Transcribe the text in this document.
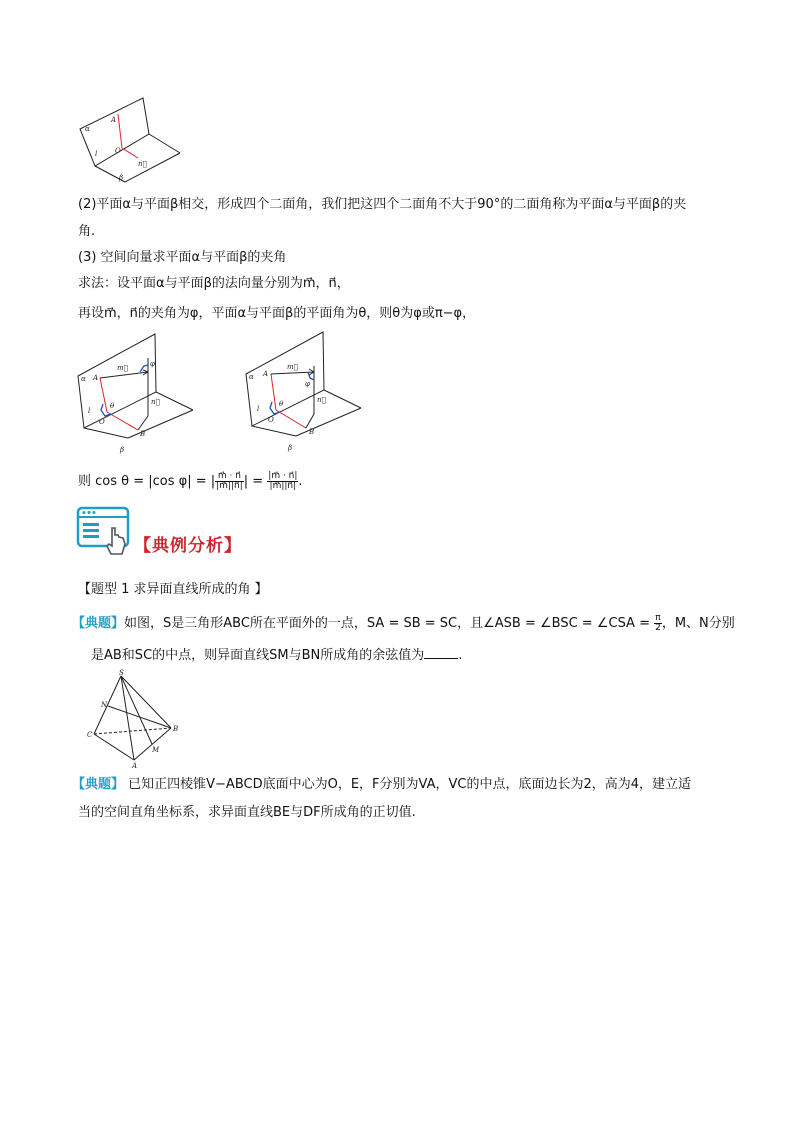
α
A
l	O
n⃗
β
(2)平面α与平面β相交，形成四个二面角，我们把这四个二面角不大于90°的二面角称为平面α与平面β的夹
角.
(3) 空间向量求平面α与平面β的夹角
求法：设平面α与平面β的法向量分别为m⃗，n⃗，
再设m⃗，n⃗的夹角为φ，平面α与平面β的平面角为θ，则θ为φ或π−φ，
α A
m⃗	φ
l
θ
O
n⃗
B
β
α A
m⃗
φ
l
θ
O
n⃗
B
β
则 cos θ = |cos φ| = | $\frac{m⃗ \cdot n⃗}{|m⃗||n⃗|}$ | = $\frac{|m⃗ \cdot n⃗|}{|m⃗||n⃗|}$ .
【典例分析】
【题型 1 求异面直线所成的角 】
【典题】如图，S是三角形ABC所在平面外的一点，SA = SB = SC，且∠ASB = ∠BSC = ∠CSA = $\frac{\pi}{2}$ ，M、N分别
是AB和SC的中点，则异面直线SM与BN所成角的余弦值为	.
S
N
B
C
M
A
【典题】 已知正四棱锥V−ABCD底面中心为O，E，F分别为VA，VC的中点，底面边长为2，高为4，建立适
当的空间直角坐标系，求异面直线BE与DF所成角的正切值.
